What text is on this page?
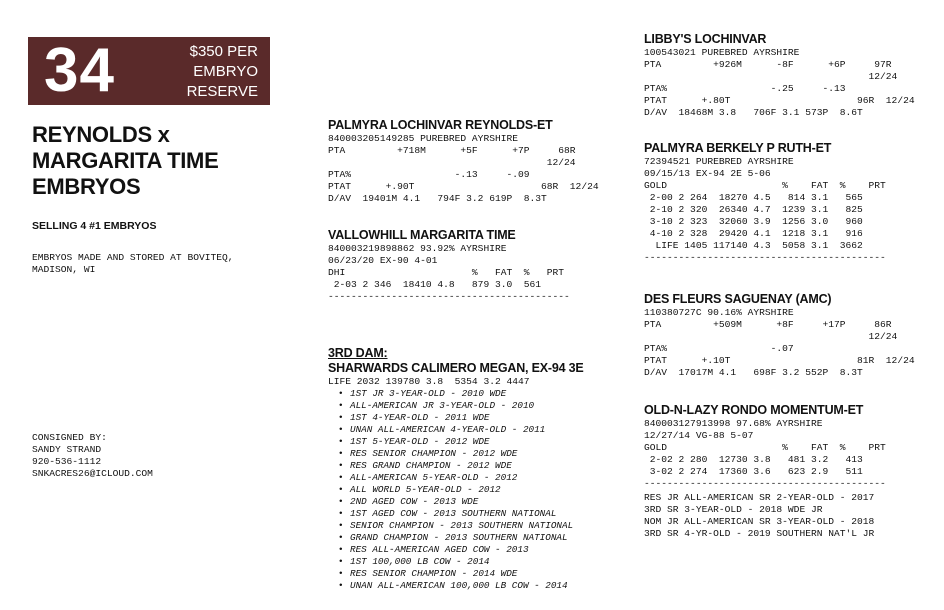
34	$350 PER
EMBRYO
RESERVE
REYNOLDS x
MARGARITA TIME
EMBRYOS
SELLING 4 #1 EMBRYOS
EMBRYOS MADE AND STORED AT BOVITEQ,
MADISON, WI
CONSIGNED BY:
SANDY STRAND
920-536-1112
SNKACRES26@ICLOUD.COM
PALMYRA LOCHINVAR REYNOLDS-ET
840003205149285 PUREBRED AYRSHIRE
PTA         +718M      +5F      +7P     68R
12/24
PTA%                  -.13     -.09
PTAT      +.90T                      68R  12/24
D/AV  19401M 4.1   794F 3.2 619P  8.3T
VALLOWHILL MARGARITA TIME
840003219898862 93.92% AYRSHIRE
06/23/20 EX-90 4-01
DHI                      %   FAT  %   PRT
2-03 2 346  18410 4.8   879 3.0  561
------------------------------------------
3RD DAM:
SHARWARDS CALIMERO MEGAN, EX-94 3E
LIFE 2032 139780 3.8  5354 3.2 4447
• 1ST JR 3-YEAR-OLD - 2010 WDE
• ALL-AMERICAN JR 3-YEAR-OLD - 2010
• 1ST 4-YEAR-OLD - 2011 WDE
• UNAN ALL-AMERICAN 4-YEAR-OLD - 2011
• 1ST 5-YEAR-OLD - 2012 WDE
• RES SENIOR CHAMPION - 2012 WDE
• RES GRAND CHAMPION - 2012 WDE
• ALL-AMERICAN 5-YEAR-OLD - 2012
• ALL WORLD 5-YEAR-OLD - 2012
• 2ND AGED COW - 2013 WDE
• 1ST AGED COW - 2013 SOUTHERN NATIONAL
• SENIOR CHAMPION - 2013 SOUTHERN NATIONAL
• GRAND CHAMPION - 2013 SOUTHERN NATIONAL
• RES ALL-AMERICAN AGED COW - 2013
• 1ST 100,000 LB COW - 2014
• RES SENIOR CHAMPION - 2014 WDE
• UNAN ALL-AMERICAN 100,000 LB COW - 2014
LIBBY'S LOCHINVAR
100543021 PUREBRED AYRSHIRE
PTA         +926M      -8F      +6P     97R
12/24
PTA%                  -.25     -.13
PTAT      +.80T                      96R  12/24
D/AV  18468M 3.8   706F 3.1 573P  8.6T
PALMYRA BERKELY P RUTH-ET
72394521 PUREBRED AYRSHIRE
09/15/13 EX-94 2E 5-06
GOLD                    %    FAT  %    PRT
2-00 2 264  18270 4.5   814 3.1   565
2-10 2 320  26340 4.7  1239 3.1   825
3-10 2 323  32060 3.9  1256 3.0   960
4-10 2 328  29420 4.1  1218 3.1   916
LIFE 1405 117140 4.3  5058 3.1  3662
------------------------------------------
DES FLEURS SAGUENAY (AMC)
110380727C 90.16% AYRSHIRE
PTA         +509M      +8F     +17P     86R
12/24
PTA%                  -.07
PTAT      +.10T                      81R  12/24
D/AV  17017M 4.1   698F 3.2 552P  8.3T
OLD-N-LAZY RONDO MOMENTUM-ET
840003127913998 97.68% AYRSHIRE
12/27/14 VG-88 5-07
GOLD                    %    FAT  %    PRT
2-02 2 280  12730 3.8   481 3.2   413
3-02 2 274  17360 3.6   623 2.9   511
------------------------------------------
RES JR ALL-AMERICAN SR 2-YEAR-OLD - 2017
3RD SR 3-YEAR-OLD - 2018 WDE JR
NOM JR ALL-AMERICAN SR 3-YEAR-OLD - 2018
3RD SR 4-YR-OLD - 2019 SOUTHERN NAT'L JR
